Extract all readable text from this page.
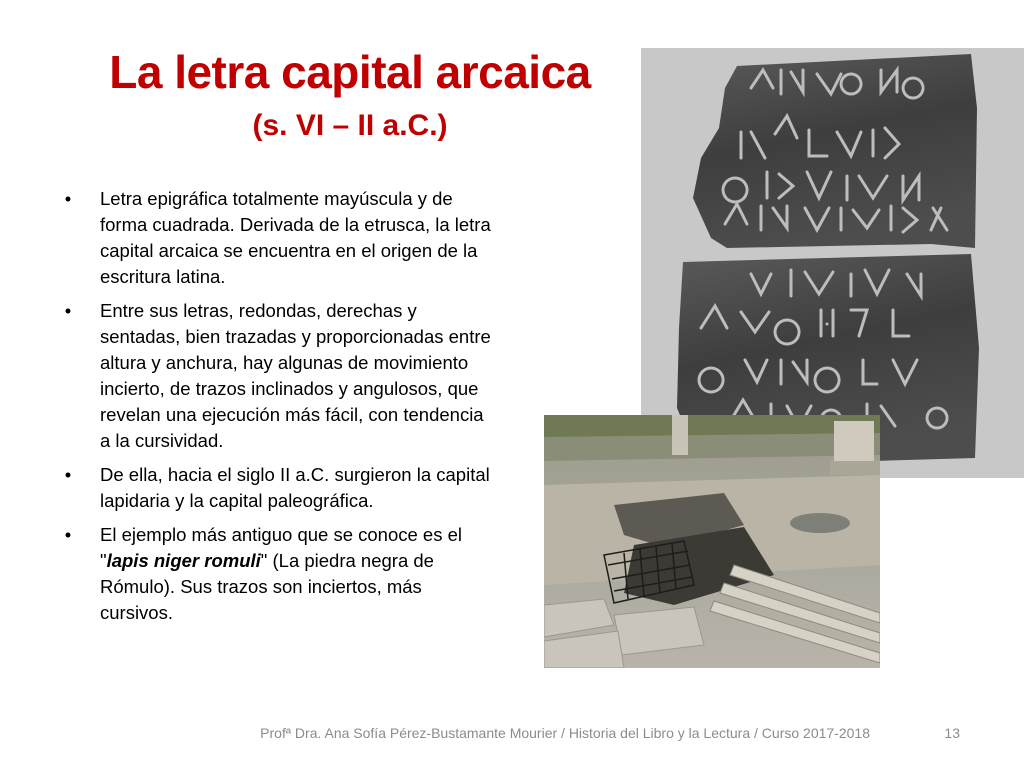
La letra capital arcaica
(s. VI – II a.C.)
•	Letra epigráfica totalmente mayúscula y de forma cuadrada. Derivada de la etrusca, la letra capital arcaica se encuentra en el origen de la escritura latina.
•	Entre sus letras, redondas, derechas y sentadas, bien trazadas y proporcionadas entre altura y anchura, hay algunas de movimiento incierto, de trazos inclinados y angulosos, que revelan una ejecución más fácil, con tendencia a la cursividad.
•	De ella, hacia el siglo II a.C. surgieron la capital lapidaria y la capital paleográfica.
•	El ejemplo más antiguo que se conoce es el "lapis niger romuli" (La piedra negra de Rómulo). Sus trazos son inciertos, más cursivos.
Profª Dra. Ana Sofía Pérez-Bustamante Mourier / Historia del Libro y la Lectura / Curso 2017-2018	13
